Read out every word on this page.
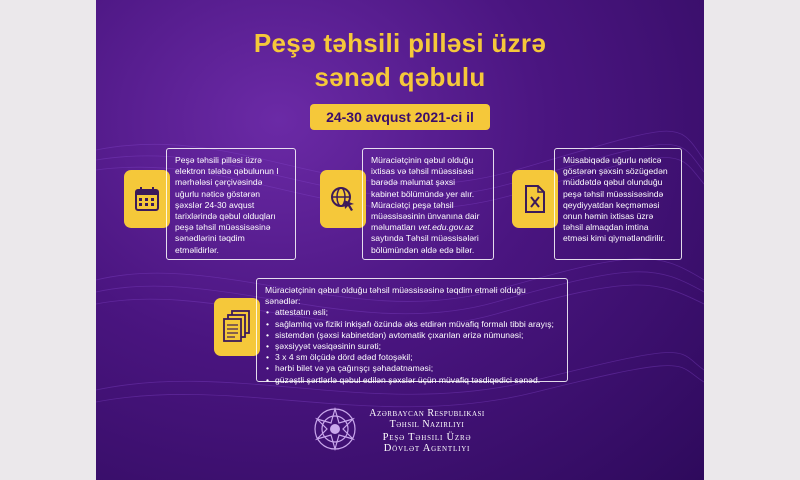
Peşə təhsili pilləsi üzrə
sənəd qəbulu
24-30 avqust 2021-ci il

Peşə təhsili pilləsi üzrə elektron tələbə qəbulunun I mərhələsi çərçivəsində uğurlu nəticə göstərən şəxslər 24-30 avqust tarixlərində qəbul olduqları peşə təhsil müəssisəsinə sənədlərini təqdim etməlidirlər.

Müraciətçinin qəbul olduğu ixtisas və təhsil müəssisəsi barədə məlumat şəxsi kabinet bölümündə yer alır. Müraciətçi peşə təhsil müəssisəsinin ünvanına dair məlumatları vet.edu.gov.az saytında Təhsil müəssisələri bölümündən əldə edə bilər.

Müsabiqədə uğurlu nəticə göstərən şəxsin sözügedən müddətdə qəbul olunduğu peşə təhsil müəssisəsində qeydiyyatdan keçməməsi onun həmin ixtisas üzrə təhsil almaqdan imtina etməsi kimi qiymətləndirilir.

Müraciətçinin qəbul olduğu təhsil müəssisəsinə təqdim etməli olduğu sənədlər:

• attestatın əsli;
• sağlamlıq və fiziki inkişafı özündə əks etdirən müvafiq formalı tibbi arayış;
• sistemdən (şəxsi kabinetdən) avtomatik çıxarılan ərizə nümunəsi;
• şəxsiyyət vəsiqəsinin surəti;
• 3 x 4 sm ölçüdə dörd ədəd fotoşəkil;
• hərbi bilet və ya çağırışçı şəhadətnaməsi;
• güzəştli şərtlərlə qəbul edilən şəxslər üçün müvafiq təsdiqedici sənəd.
Azərbaycan Respublikası
Təhsil Nazirliyi
Peşə Təhsili Üzrə
Dövlət Agentliyi
